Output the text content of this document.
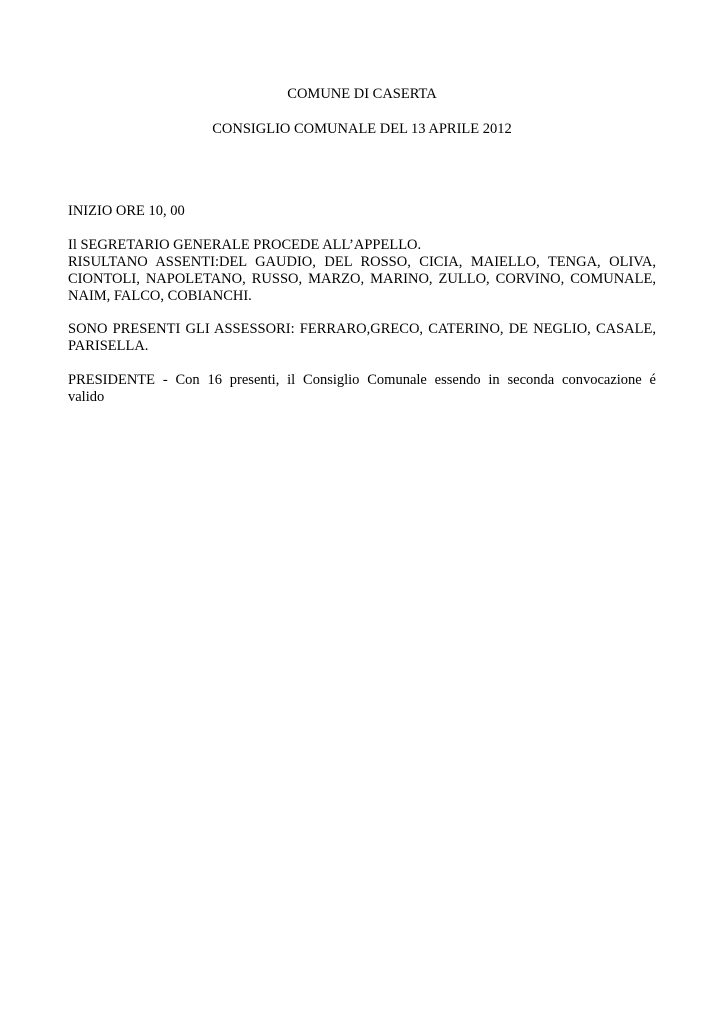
COMUNE DI CASERTA
CONSIGLIO COMUNALE DEL 13 APRILE 2012
INIZIO ORE 10, 00
Il SEGRETARIO GENERALE PROCEDE ALL’APPELLO.
RISULTANO ASSENTI:DEL GAUDIO, DEL ROSSO, CICIA, MAIELLO, TENGA, OLIVA,
CIONTOLI, NAPOLETANO, RUSSO, MARZO, MARINO, ZULLO, CORVINO, COMUNALE,
NAIM, FALCO, COBIANCHI.
SONO PRESENTI GLI ASSESSORI: FERRARO,GRECO, CATERINO, DE NEGLIO, CASALE,
PARISELLA.
PRESIDENTE - Con 16 presenti, il Consiglio Comunale essendo in seconda convocazione é
valido
